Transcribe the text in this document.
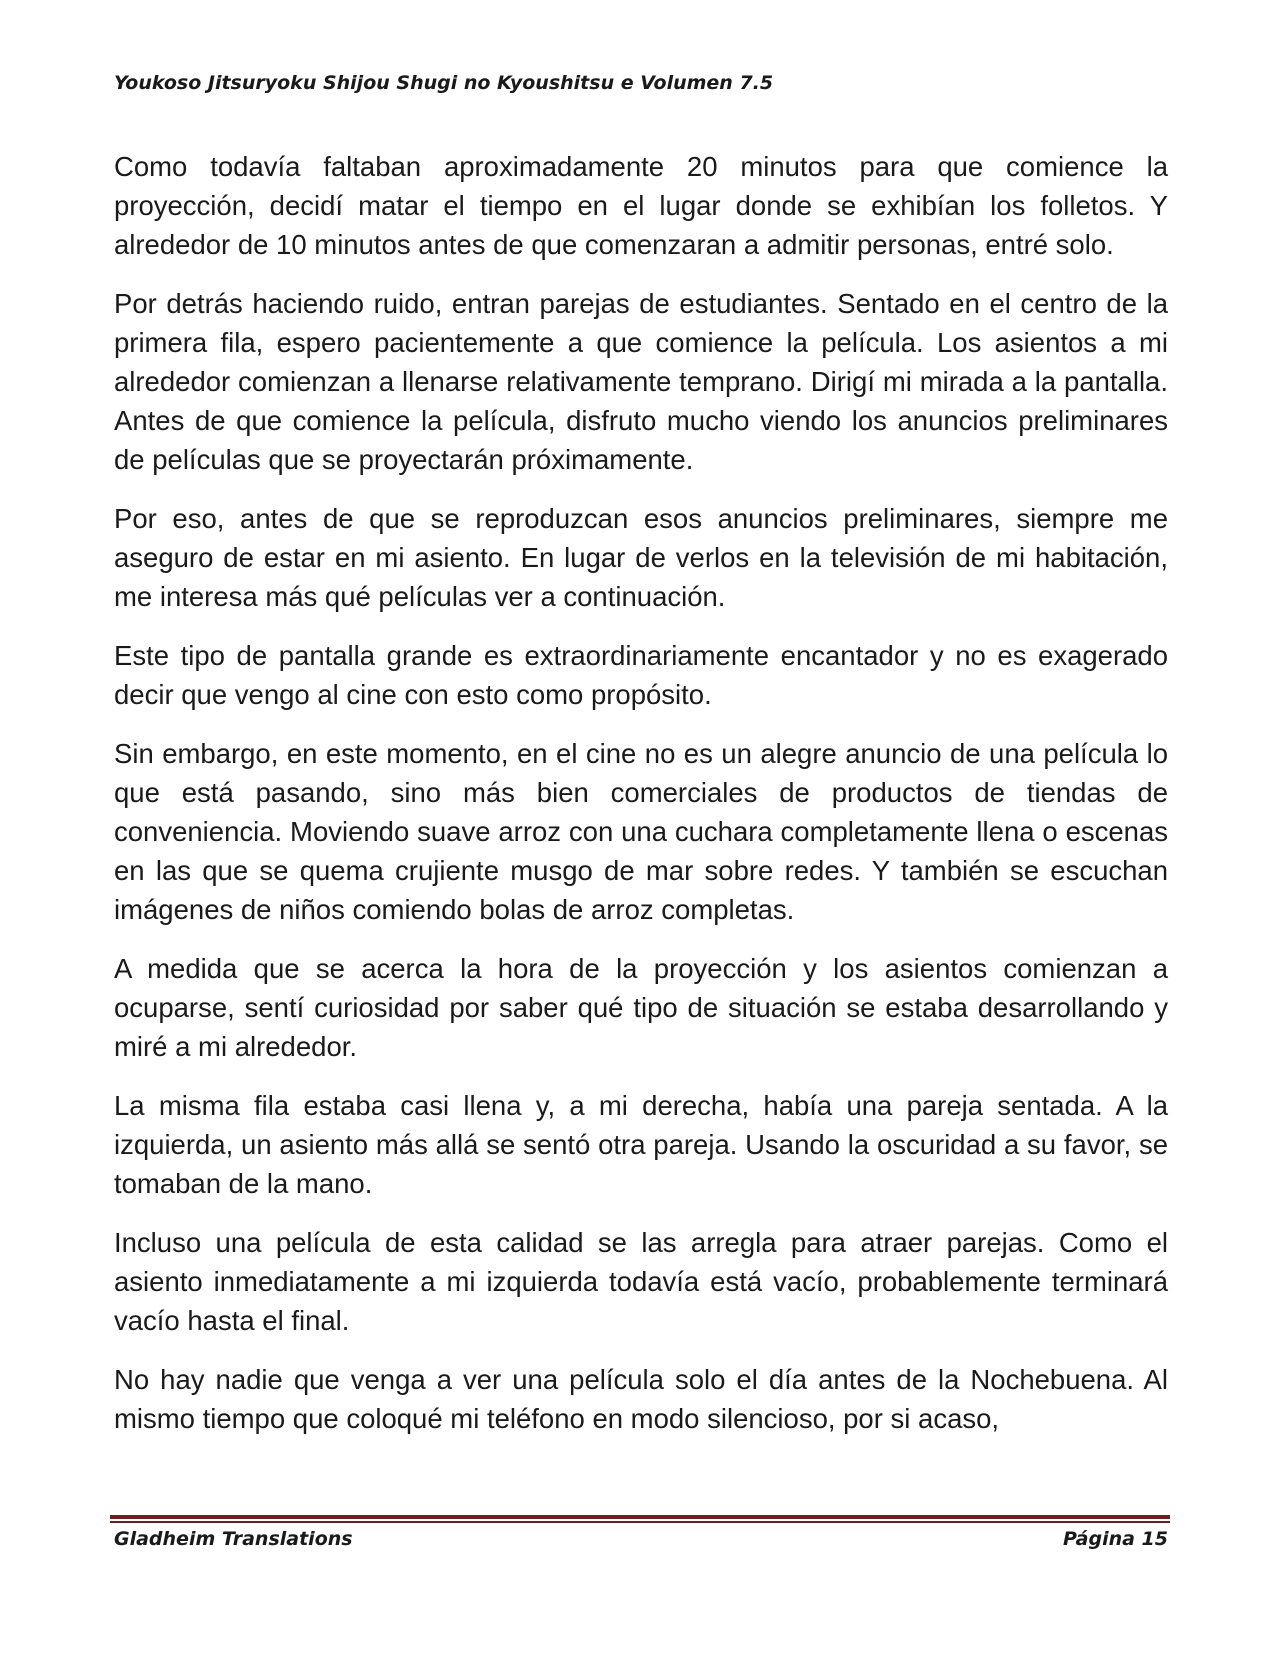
Youkoso Jitsuryoku Shijou Shugi no Kyoushitsu e Volumen 7.5

Como todavía faltaban aproximadamente 20 minutos para que comience la proyección, decidí matar el tiempo en el lugar donde se exhibían los folletos. Y alrededor de 10 minutos antes de que comenzaran a admitir personas, entré solo.

Por detrás haciendo ruido, entran parejas de estudiantes. Sentado en el centro de la primera fila, espero pacientemente a que comience la película. Los asientos a mi alrededor comienzan a llenarse relativamente temprano. Dirigí mi mirada a la pantalla. Antes de que comience la película, disfruto mucho viendo los anuncios preliminares de películas que se proyectarán próximamente.

Por eso, antes de que se reproduzcan esos anuncios preliminares, siempre me aseguro de estar en mi asiento. En lugar de verlos en la televisión de mi habitación, me interesa más qué películas ver a continuación.

Este tipo de pantalla grande es extraordinariamente encantador y no es exagerado decir que vengo al cine con esto como propósito.

Sin embargo, en este momento, en el cine no es un alegre anuncio de una película lo que está pasando, sino más bien comerciales de productos de tiendas de conveniencia. Moviendo suave arroz con una cuchara completamente llena o escenas en las que se quema crujiente musgo de mar sobre redes. Y también se escuchan imágenes de niños comiendo bolas de arroz completas.

A medida que se acerca la hora de la proyección y los asientos comienzan a ocuparse, sentí curiosidad por saber qué tipo de situación se estaba desarrollando y miré a mi alrededor.

La misma fila estaba casi llena y, a mi derecha, había una pareja sentada. A la izquierda, un asiento más allá se sentó otra pareja. Usando la oscuridad a su favor, se tomaban de la mano.

Incluso una película de esta calidad se las arregla para atraer parejas. Como el asiento inmediatamente a mi izquierda todavía está vacío, probablemente terminará vacío hasta el final.

No hay nadie que venga a ver una película solo el día antes de la Nochebuena. Al mismo tiempo que coloqué mi teléfono en modo silencioso, por si acaso,

Gladheim Translations	Página 15
